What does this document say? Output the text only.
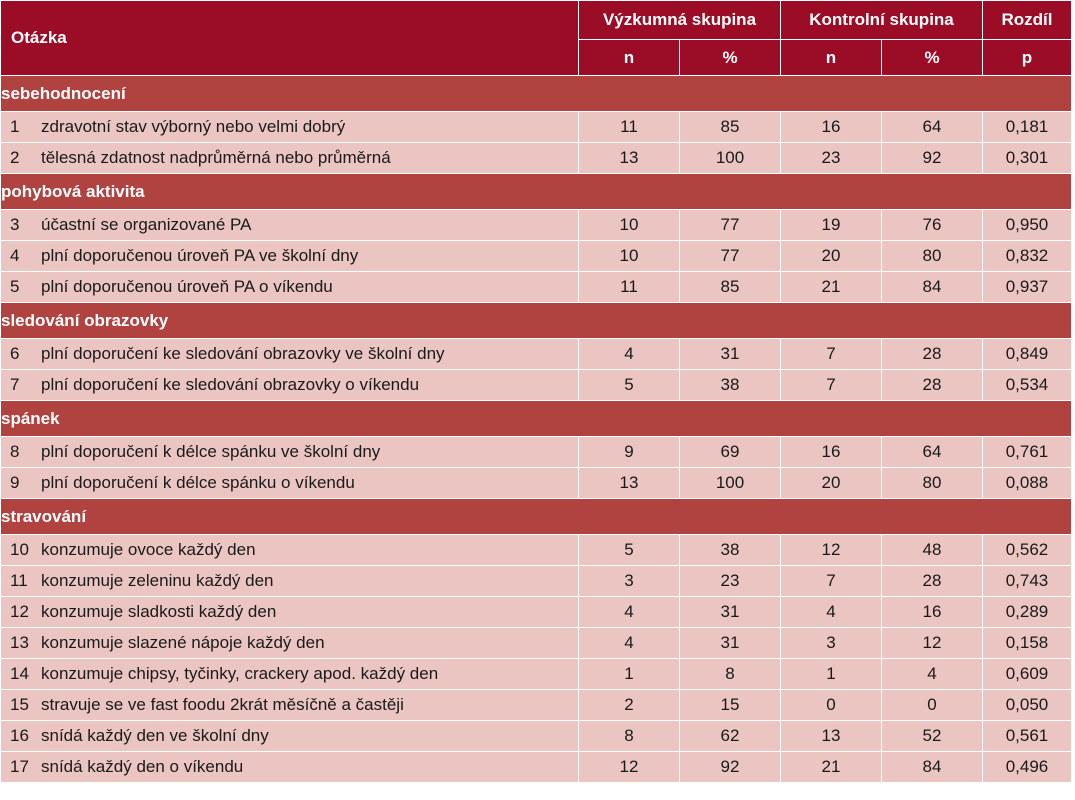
Otázka		Výzkumná skupina		Kontrolní skupina		Rozdíl
		n	%	n	%	p
sebehodnocení						
1	zdravotní stav výborný nebo velmi dobrý	11	85	16	64	0,181
2	tělesná zdatnost nadprůměrná nebo průměrná	13	100	23	92	0,301
pohybová aktivita						
3	účastní se organizované PA	10	77	19	76	0,950
4	plní doporučenou úroveň PA ve školní dny	10	77	20	80	0,832
5	plní doporučenou úroveň PA o víkendu	11	85	21	84	0,937
sledování obrazovky						
6	plní doporučení ke sledování obrazovky ve školní dny	4	31	7	28	0,849
7	plní doporučení ke sledování obrazovky o víkendu	5	38	7	28	0,534
spánek						
8	plní doporučení k délce spánku ve školní dny	9	69	16	64	0,761
9	plní doporučení k délce spánku o víkendu	13	100	20	80	0,088
stravování						
10	konzumuje ovoce každý den	5	38	12	48	0,562
11	konzumuje zeleninu každý den	3	23	7	28	0,743
12	konzumuje sladkosti každý den	4	31	4	16	0,289
13	konzumuje slazené nápoje každý den	4	31	3	12	0,158
14	konzumuje chipsy, tyčinky, crackery apod. každý den	1	8	1	4	0,609
15	stravuje se ve fast foodu 2krát měsíčně a častěji	2	15	0	0	0,050
16	snídá každý den ve školní dny	8	62	13	52	0,561
17	snídá každý den o víkendu	12	92	21	84	0,496
